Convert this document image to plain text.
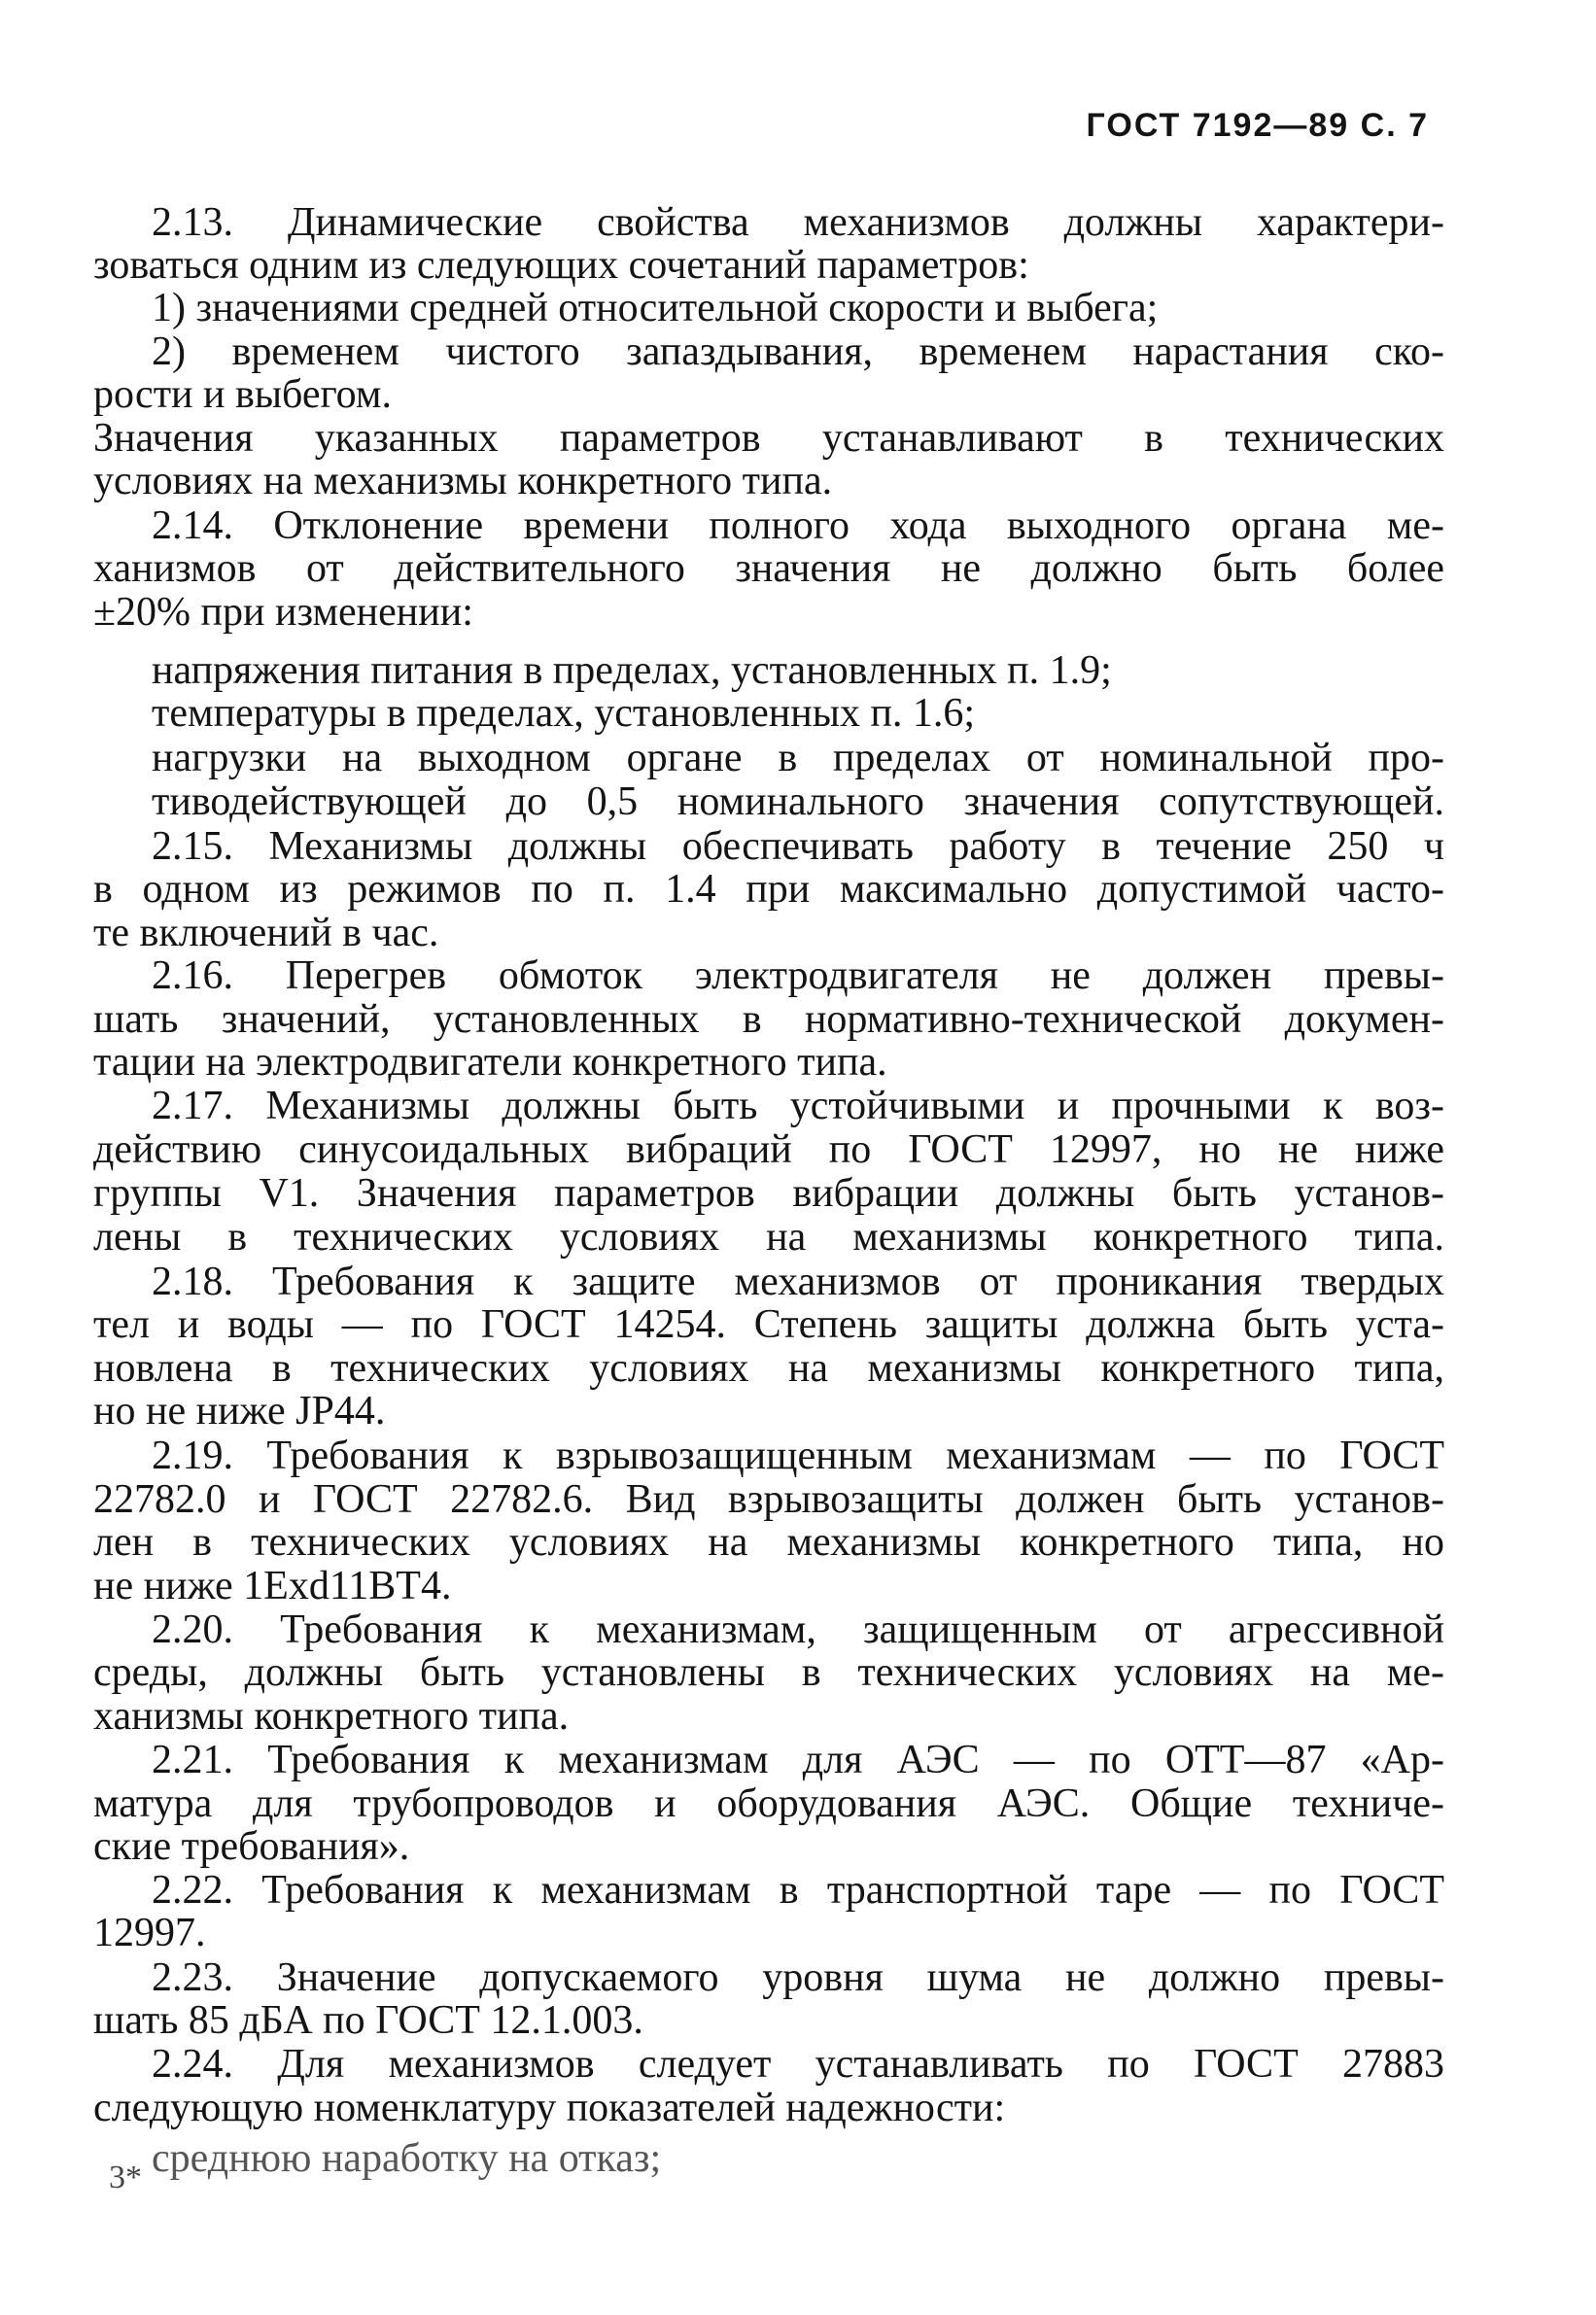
ГОСТ 7192—89 С. 7
2.13. Динамические свойства механизмов должны характери-
зоваться одним из следующих сочетаний параметров:
1) значениями средней относительной скорости и выбега;
2) временем чистого запаздывания, временем нарастания ско-
рости и выбегом.
Значения указанных параметров устанавливают в технических
условиях на механизмы конкретного типа.
2.14. Отклонение времени полного хода выходного органа ме-
ханизмов от действительного значения не должно быть более
±20% при изменении:
напряжения питания в пределах, установленных п. 1.9;
температуры в пределах, установленных п. 1.6;
нагрузки на выходном органе в пределах от номинальной про-
тиводействующей до 0,5 номинального значения сопутствующей.
2.15. Механизмы должны обеспечивать работу в течение 250 ч
в одном из режимов по п. 1.4 при максимально допустимой часто-
те включений в час.
2.16. Перегрев обмоток электродвигателя не должен превы-
шать значений, установленных в нормативно-технической докумен-
тации на электродвигатели конкретного типа.
2.17. Механизмы должны быть устойчивыми и прочными к воз-
действию синусоидальных вибраций по ГОСТ 12997, но не ниже
группы V1. Значения параметров вибрации должны быть установ-
лены в технических условиях на механизмы конкретного типа.
2.18. Требования к защите механизмов от проникания твердых
тел и воды — по ГОСТ 14254. Степень защиты должна быть уста-
новлена в технических условиях на механизмы конкретного типа,
но не ниже JP44.
2.19. Требования к взрывозащищенным механизмам — по ГОСТ
22782.0 и ГОСТ 22782.6. Вид взрывозащиты должен быть установ-
лен в технических условиях на механизмы конкретного типа, но
не ниже 1Exd11BT4.
2.20. Требования к механизмам, защищенным от агрессивной
среды, должны быть установлены в технических условиях на ме-
ханизмы конкретного типа.
2.21. Требования к механизмам для АЭС — по ОТТ—87 «Ар-
матура для трубопроводов и оборудования АЭС. Общие техниче-
ские требования».
2.22. Требования к механизмам в транспортной таре — по ГОСТ
12997.
2.23. Значение допускаемого уровня шума не должно превы-
шать 85 дБА по ГОСТ 12.1.003.
2.24. Для механизмов следует устанавливать по ГОСТ 27883
следующую номенклатуру показателей надежности:
среднюю наработку на отказ;
3*
